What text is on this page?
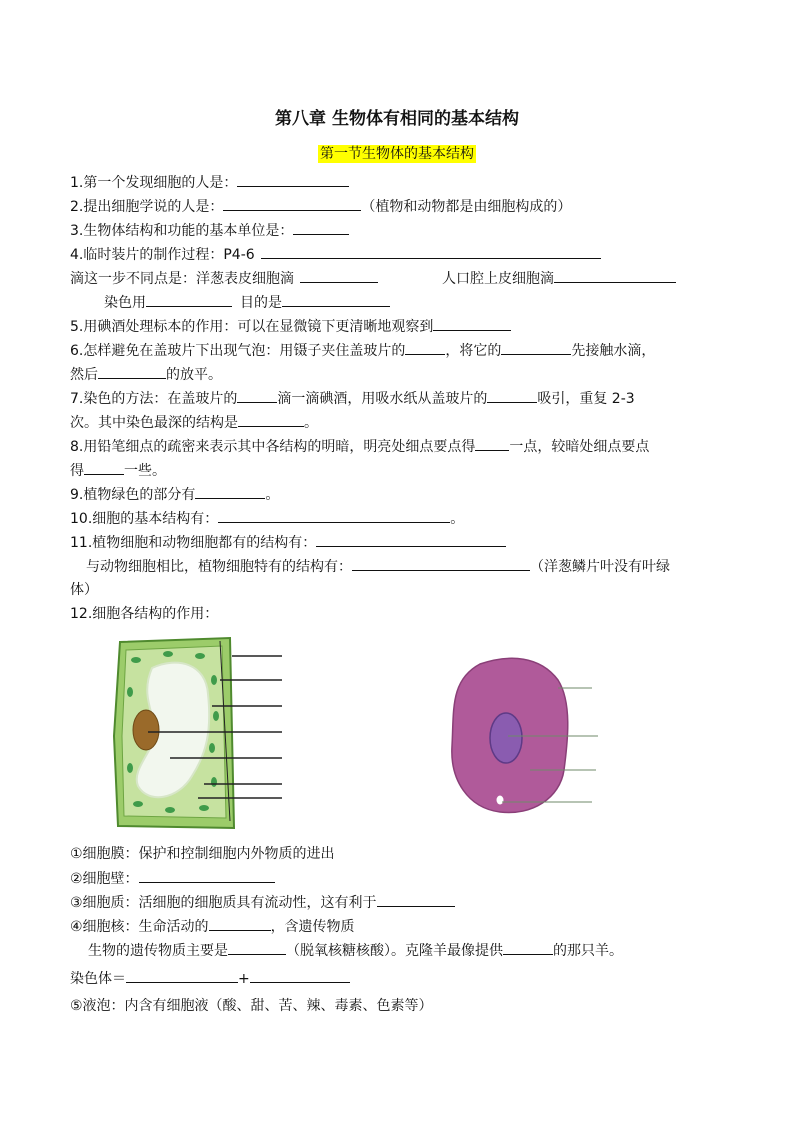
第八章 生物体有相同的基本结构
第一节生物体的基本结构
1.第一个发现细胞的人是：
2.提出细胞学说的人是：	（植物和动物都是由细胞构成的）
3.生物体结构和功能的基本单位是：
4.临时装片的制作过程：P4-6
滴这一步不同点是：洋葱表皮细胞滴	人口腔上皮细胞滴
染色用	目的是
5.用碘酒处理标本的作用：可以在显微镜下更清晰地观察到
6.怎样避免在盖玻片下出现气泡：用镊子夹住盖玻片的	，将它的	先接触水滴，
然后	的放平。
7.染色的方法：在盖玻片的	滴一滴碘酒，用吸水纸从盖玻片的	吸引，重复 2-3
次。其中染色最深的结构是	。
8.用铅笔细点的疏密来表示其中各结构的明暗，明亮处细点要点得 一点，较暗处细点要点
得	一些。
9.植物绿色的部分有	。
10.细胞的基本结构有：	。
11.植物细胞和动物细胞都有的结构有：
与动物细胞相比，植物细胞特有的结构有：	（洋葱鳞片叶没有叶绿
体）
12.细胞各结构的作用：
①细胞膜：保护和控制细胞内外物质的进出
②细胞壁：
③细胞质：活细胞的细胞质具有流动性，这有利于
④细胞核：生命活动的	，含遗传物质
生物的遗传物质主要是	（脱氧核糖核酸）。克隆羊最像提供	的那只羊。
染色体＝	+
⑤液泡：内含有细胞液（酸、甜、苦、辣、毒素、色素等）
